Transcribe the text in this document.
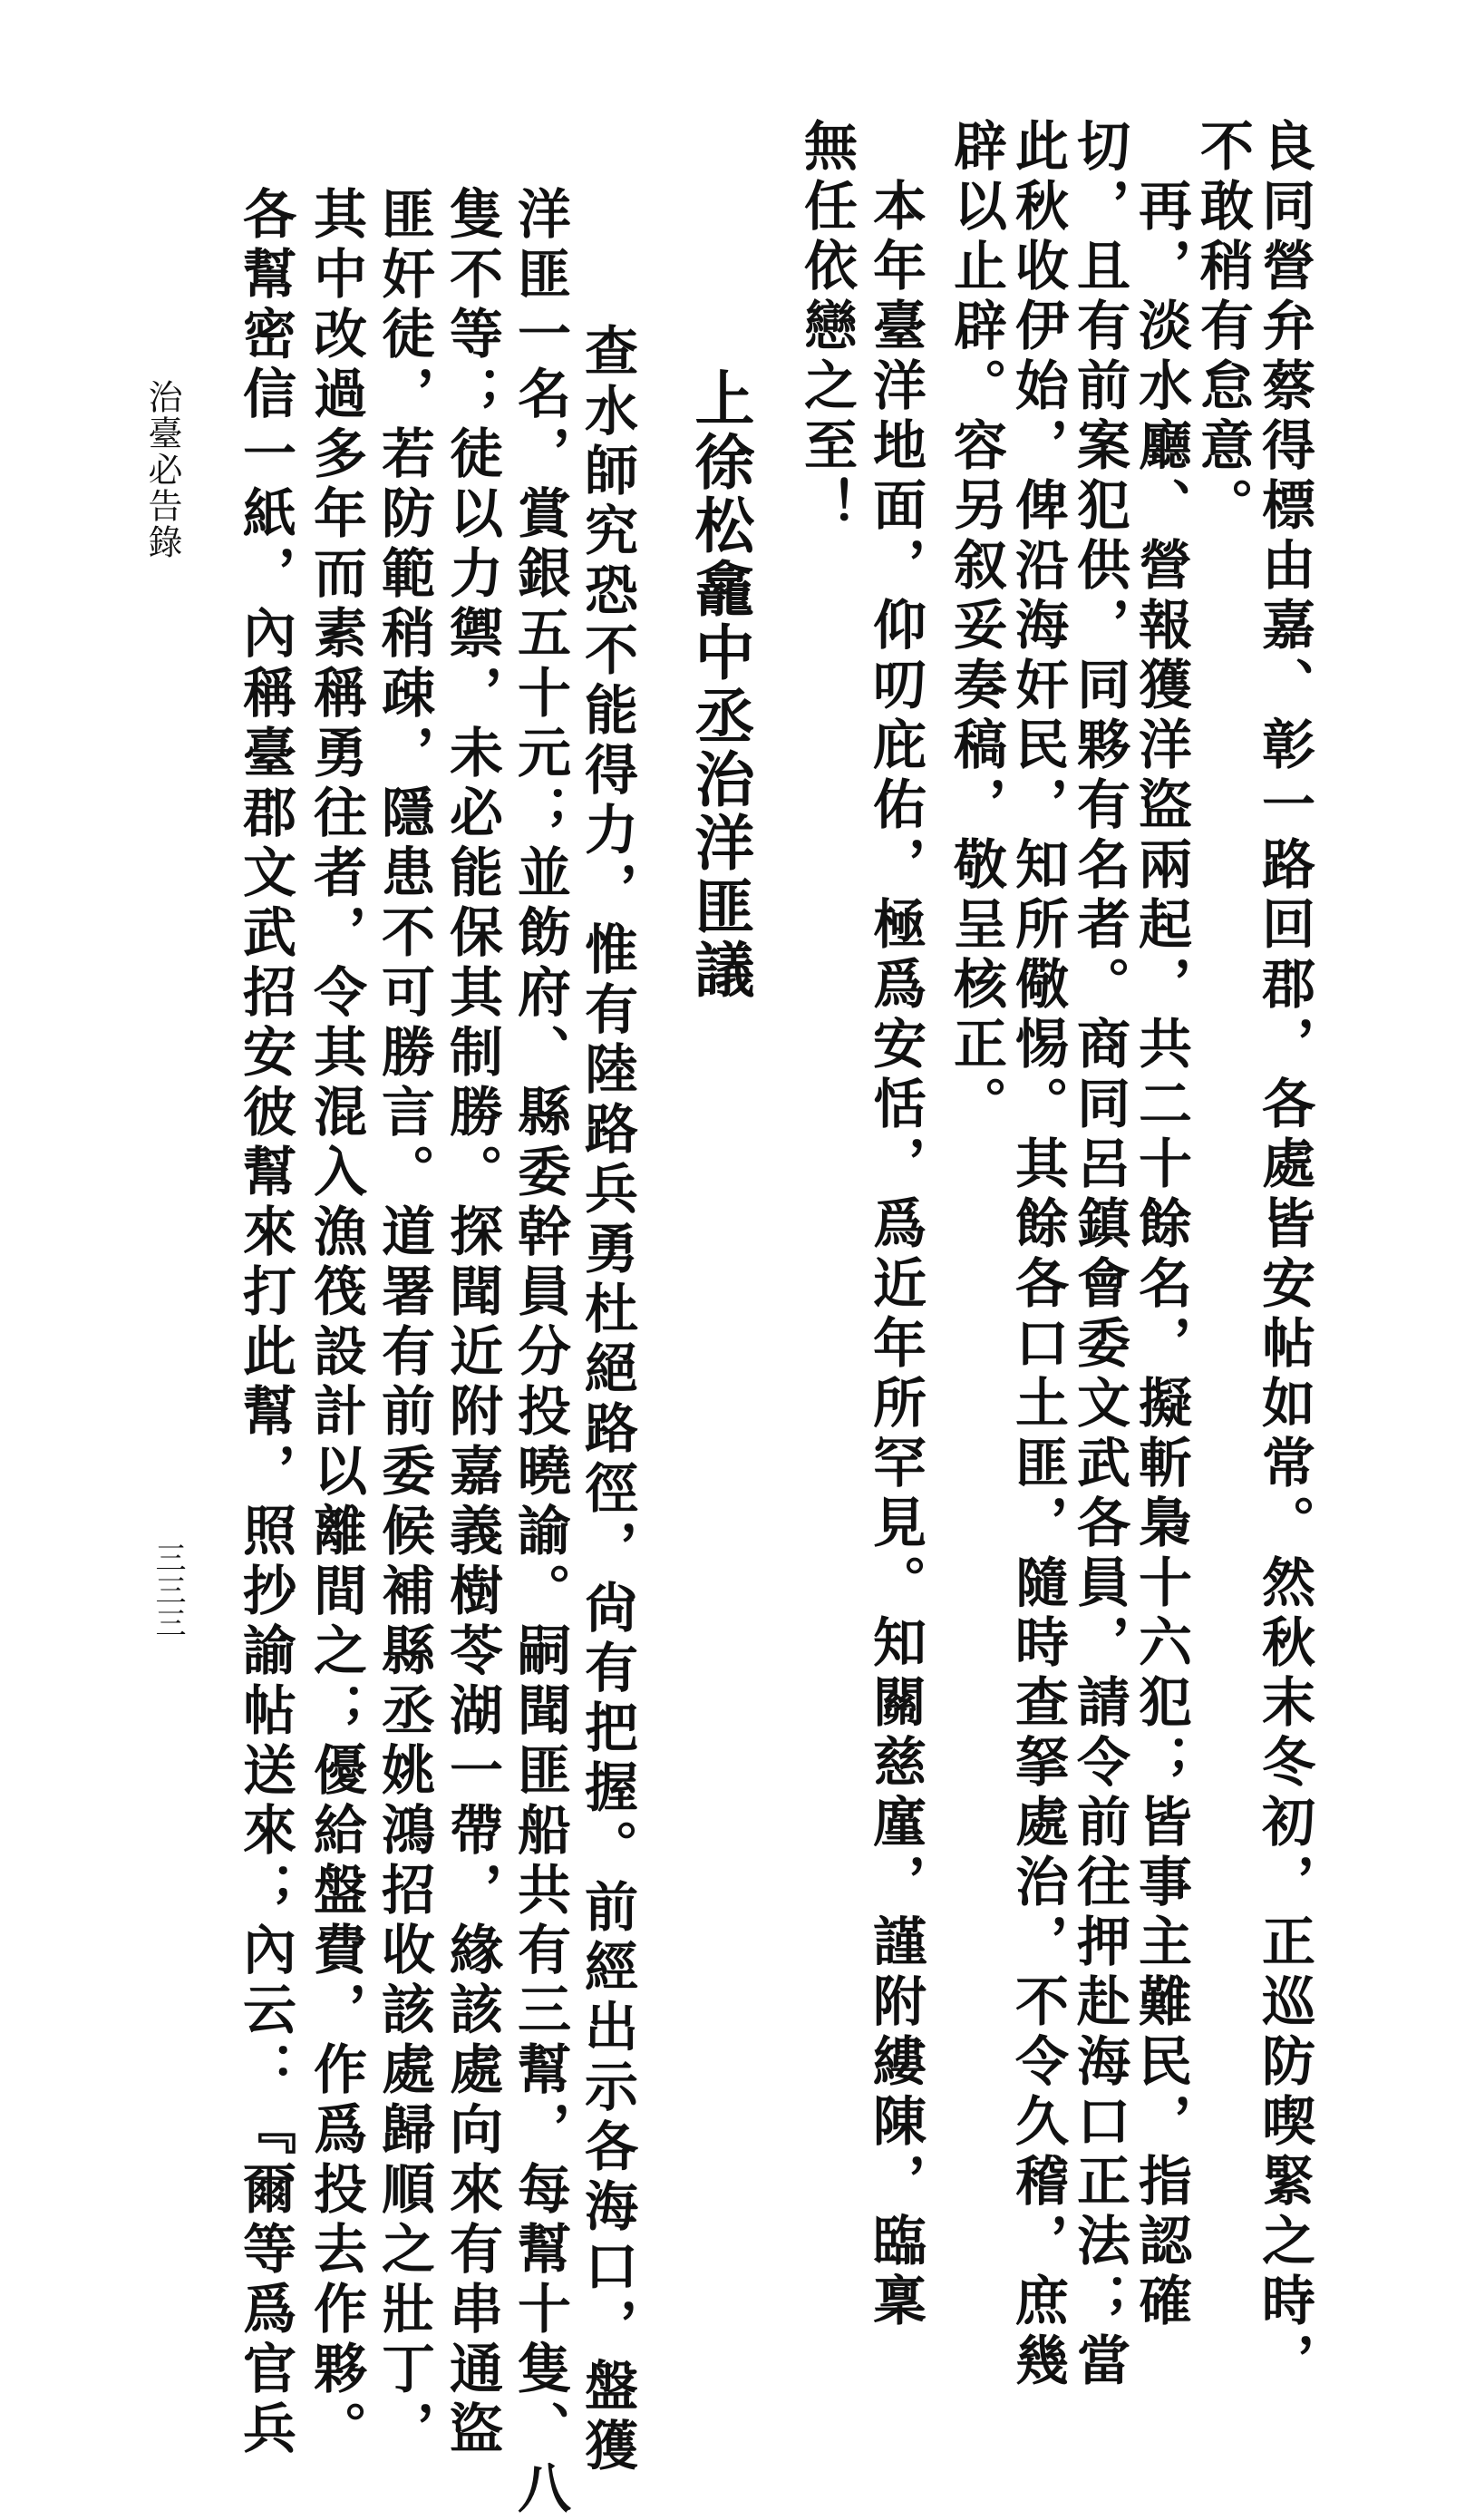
良同營弁蔡得標由嘉、彰一路回郡，各處皆安帖如常。然秋末冬初，正巡防喫緊之時，
不敢稍有怠意。
　再，淡水廳、營報獲洋盜兩起，共二十餘名，擬斬梟十六犯；皆事主難民，指認確
切，且有前案犯供，同夥有名者。商同呂鎮會委文武各員，請令前往押赴海口正法；當
此秋收伊始，俾沿海奸民，知所儆惕。其餘各口土匪，隨時查拏處治，不令久稽，庶幾
辟以止辟。容另叙妥奏稿，敬呈核正。
　本年臺洋地面，仰叨庇佑，極爲安恬，爲近年所罕見。知關慈廑，謹附縷陳，臨稟
無任依戀之至！
上徐松龕中丞治洋匪議
　查水師究恐不能得力，惟有陸路兵勇杜絕路徑，尙有把握。前經出示各海口，盤獲
洋匪一名，賞銀五十元；並飭府、縣委幹員分投曉諭。嗣聞匪船共有三幫，每幫十隻、八
隻不等；徒以力禦，未必能保其制勝。探聞近附嘉義樹苓湖一帶，緣該處向來有串通盜
匪奸徒，若防範稍疎，隱患不可勝言。道署有前委候補縣丞姚鴻招收該處歸順之壯丁，
其中改過多年而素稱勇往者，令其混入漁筏設計以離間之；優給盤費，作爲投去作夥。
各幫密信一紙，內稱臺郡文武招安彼幫來打此幫，照抄諭帖送來；內云：『爾等爲官兵
治臺必告錄
三三三
